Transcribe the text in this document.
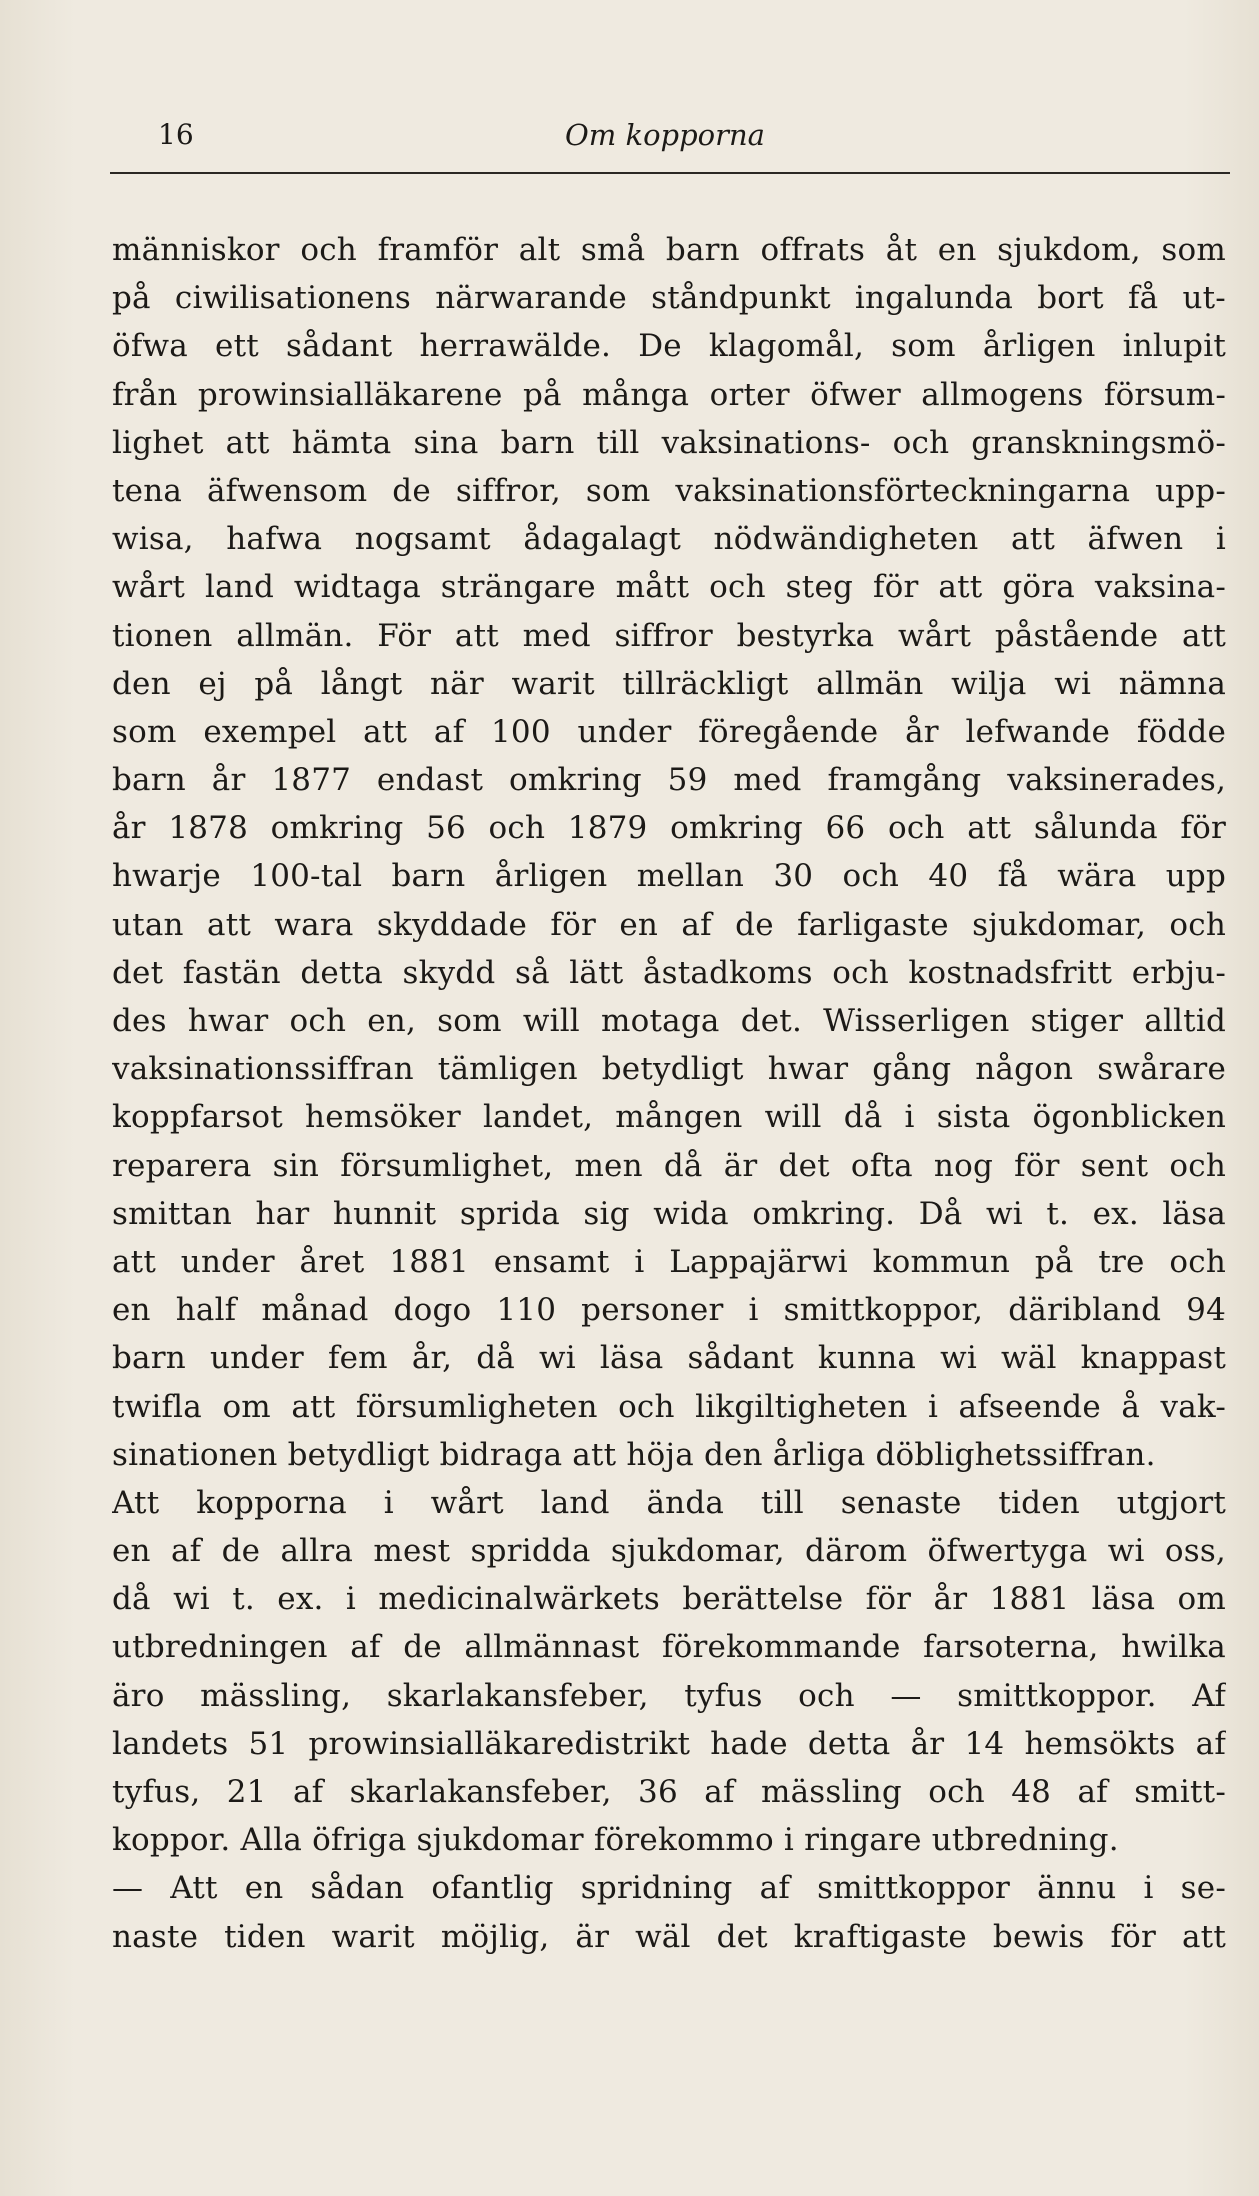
16	Om kopporna
människor och framför alt små barn offrats åt en sjukdom, som
på ciwilisationens närwarande ståndpunkt ingalunda bort få ut-
öfwa ett sådant herrawälde. De klagomål, som årligen inlupit
från prowinsialläkarene på många orter öfwer allmogens försum-
lighet att hämta sina barn till vaksinations- och granskningsmö-
tena äfwensom de siffror, som vaksinationsförteckningarna upp-
wisa, hafwa nogsamt ådagalagt nödwändigheten att äfwen i
wårt land widtaga strängare mått och steg för att göra vaksina-
tionen allmän. För att med siffror bestyrka wårt påstående att
den ej på långt när warit tillräckligt allmän wilja wi nämna
som exempel att af 100 under föregående år lefwande födde
barn år 1877 endast omkring 59 med framgång vaksinerades,
år 1878 omkring 56 och 1879 omkring 66 och att sålunda för
hwarje 100-tal barn årligen mellan 30 och 40 få wära upp
utan att wara skyddade för en af de farligaste sjukdomar, och
det fastän detta skydd så lätt åstadkoms och kostnadsfritt erbju-
des hwar och en, som will motaga det. Wisserligen stiger alltid
vaksinationssiffran tämligen betydligt hwar gång någon swårare
koppfarsot hemsöker landet, mången will då i sista ögonblicken
reparera sin försumlighet, men då är det ofta nog för sent och
smittan har hunnit sprida sig wida omkring. Då wi t. ex. läsa
att under året 1881 ensamt i Lappajärwi kommun på tre och
en half månad dogo 110 personer i smittkoppor, däribland 94
barn under fem år, då wi läsa sådant kunna wi wäl knappast
twifla om att försumligheten och likgiltigheten i afseende å vak-
sinationen betydligt bidraga att höja den årliga döblighetssiffran.
Att kopporna i wårt land ända till senaste tiden utgjort
en af de allra mest spridda sjukdomar, därom öfwertyga wi oss,
då wi t. ex. i medicinalwärkets berättelse för år 1881 läsa om
utbredningen af de allmännast förekommande farsoterna, hwilka
äro mässling, skarlakansfeber, tyfus och — smittkoppor. Af
landets 51 prowinsialläkaredistrikt hade detta år 14 hemsökts af
tyfus, 21 af skarlakansfeber, 36 af mässling och 48 af smitt-
koppor. Alla öfriga sjukdomar förekommo i ringare utbredning.
— Att en sådan ofantlig spridning af smittkoppor ännu i se-
naste tiden warit möjlig, är wäl det kraftigaste bewis för att
